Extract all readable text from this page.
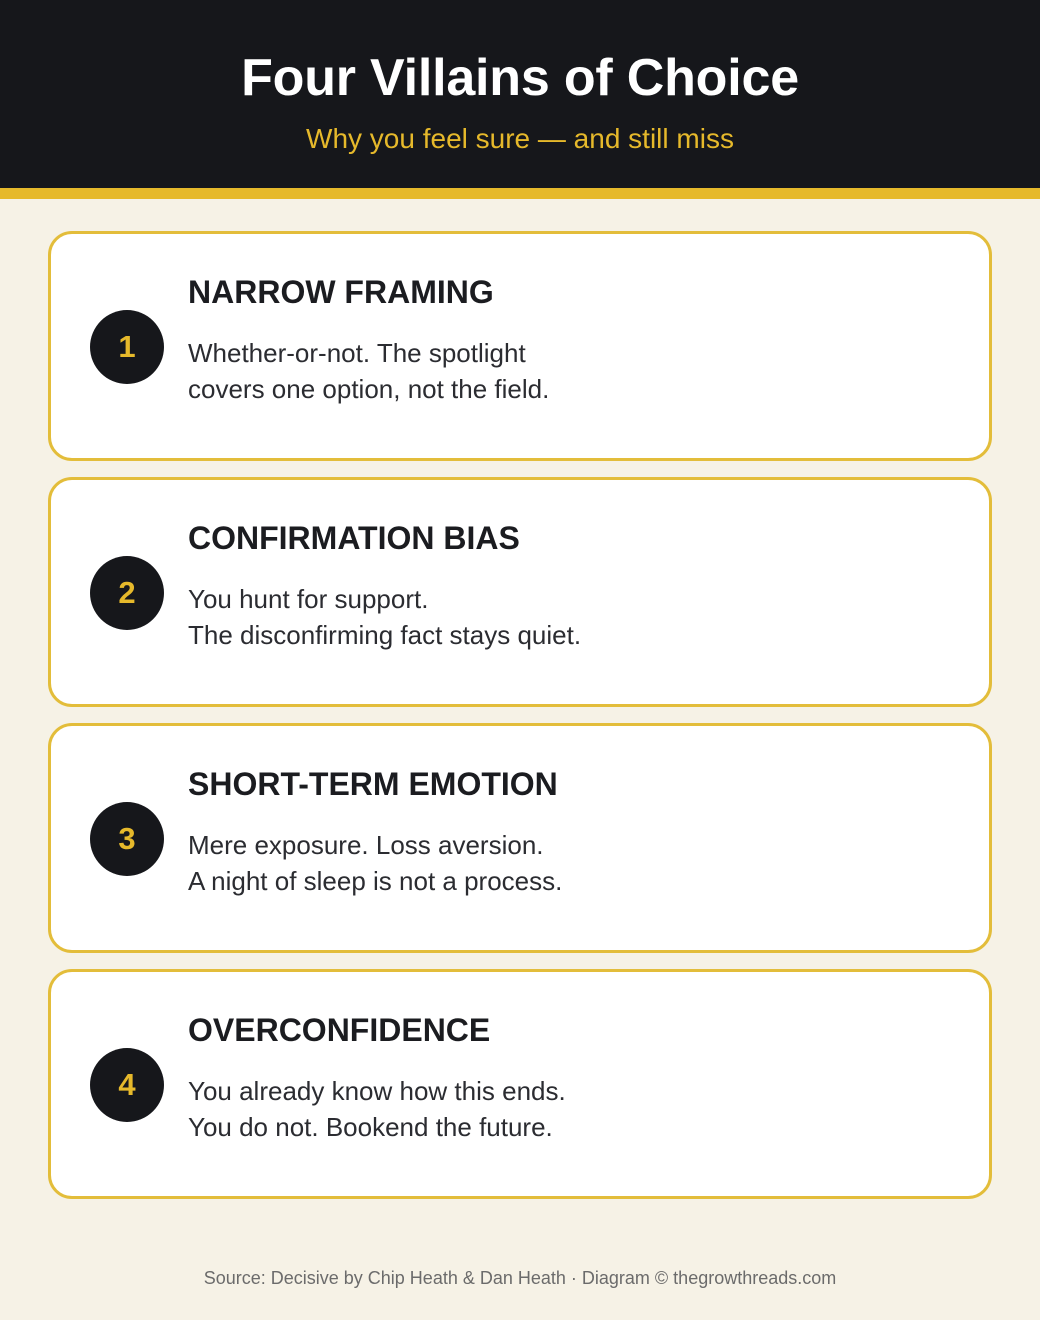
Four Villains of Choice
Why you feel sure — and still miss
1
NARROW FRAMING
Whether-or-not. The spotlight
covers one option, not the field.
2
CONFIRMATION BIAS
You hunt for support.
The disconfirming fact stays quiet.
3
SHORT-TERM EMOTION
Mere exposure. Loss aversion.
A night of sleep is not a process.
4
OVERCONFIDENCE
You already know how this ends.
You do not. Bookend the future.
Source: Decisive by Chip Heath & Dan Heath · Diagram © thegrowthreads.com
